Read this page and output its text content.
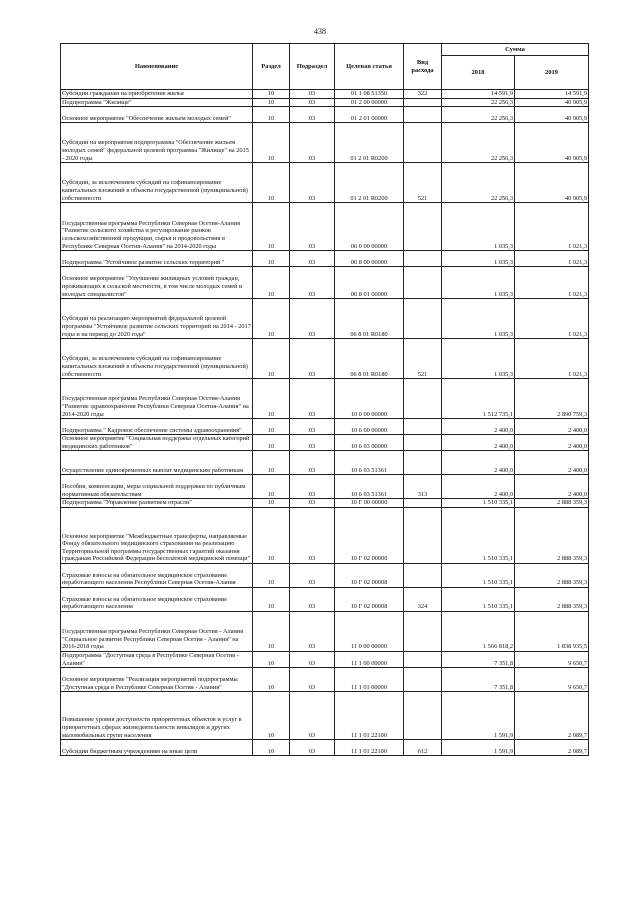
438
Наименование	Раздел	Подраздел	Целевая статья	Вид расхода	Сумма	
					2018	2019
Субсидии гражданам на приобретение жилья	10	03	01 1 08 51350	322	14 591,9	14 591,9
Подпрограмма "Жилище"	10	03	01 2 00 00000		22 256,3	40 905,9
Основное мероприятие "Обеспечение жильем молодых семей"	10	03	01 2 01 00000		22 256,3	40 905,9
Субсидии на мероприятия подпрограммы "Обеспечение жильем молодых семей" федеральной целевой программы "Жилище" на 2015 - 2020 годы	10	03	01 2 01 R0200		22 256,3	40 905,9
Субсидии, за исключением субсидий на софинансирование капитальных вложений в объекты государственной (муниципальной) собственности	10	03	01 2 01 R0200	521	22 256,3	40 905,9
Государственная программа Республики Северная Осетия-Алания "Развитие сельского хозяйства и регулирование рынков сельскохозяйственной продукции, сырья и продовольствия в Республике Северная Осетия-Алания" на 2014-2020 годы	10	03	06 0 00 00000		1 035,3	1 021,3
Подпрограмма "Устойчивое развитие сельских территорий "	10	03	06 8 00 00000		1 035,3	1 021,3
Основное мероприятие "Улучшение жилищных условий граждан, проживающих в сельской местности, в том числе молодых семей и молодых специалистов"	10	03	06 8 01 00000		1 035,3	1 021,3
Субсидии на реализацию мероприятий федеральной целевой программы "Устойчивое развитие сельских территорий на 2014 - 2017 годы и на период до 2020 года"	10	03	06 8 01 R0180		1 035,3	1 021,3
Субсидии, за исключением субсидий на софинансирование капитальных вложений в объекты государственной (муниципальной) собственности	10	03	06 8 01 R0180	521	1 035,3	1 021,3
Государственная программа Республики Северная Осетия-Алания "Развитие здравоохранения Республики Северная Осетия-Алания" на 2014-2020 годы	10	03	10 0 00 00000		1 512 735,1	2 890 759,3
Подпрограмма " Кадровое обеспечение системы здравоохранения"	10	03	10 6 00 00000		2 400,0	2 400,0
Основное мероприятие "Социальная поддержка отдельных категорий медицинских работников"	10	03	10 6 03 00000		2 400,0	2 400,0
Осуществление единовременных выплат медицинским работникам	10	03	10 6 03 51361		2 400,0	2 400,0
Пособия, компенсации, меры социальной поддержки по публичным нормативным обязательствам	10	03	10 6 03 51361	313	2 400,0	2 400,0
Подпрограмма "Управление развитием отрасли"	10	03	10 Г 00 00000		1 510 335,1	2 888 359,3
Основное мероприятие "Межбюджетные трансферты, направляемые Фонду обязательного медицинского страхования на реализацию Территориальной программы государственных гарантий оказания гражданам Российской Федерации бесплатной медицинской помощи"	10	03	10 Г 02 00000		1 510 335,1	2 888 359,3
Страховые взносы на обязательное медицинское страхование неработающего населения Республики Северная Осетия-Алания	10	03	10 Г 02 00008		1 510 335,1	2 888 359,3
Страховые взносы на обязательное медицинское страхование неработающего населения	10	03	10 Г 02 00008	324	1 510 335,1	2 888 359,3
Государственная программа Республики Северная Осетия - Алания "Социальное развитие Республики Северная Осетия - Алания" на 2016-2018 годы	10	03	11 0 00 00000		1 566 818,2	1 838 935,5
Подпрограмма "Доступная среда в Республике Северная Осетия - Алания"	10	03	11 1 00 00000		7 351,8	9 650,7
Основное мероприятие "Реализация мероприятий подпрограммы "Доступная среда в Республике Северная Осетия - Алания"	10	03	11 1 01 00000		7 351,8	9 650,7
Повышение уровня доступности приоритетных объектов и услуг в приоритетных сферах жизнедеятельности инвалидов и других маломобильных групп населения	10	03	11 1 01 22100		1 591,9	2 089,7
Субсидии бюджетным учреждениям на иные цели	10	03	11 1 01 22100	612	1 591,9	2 089,7
